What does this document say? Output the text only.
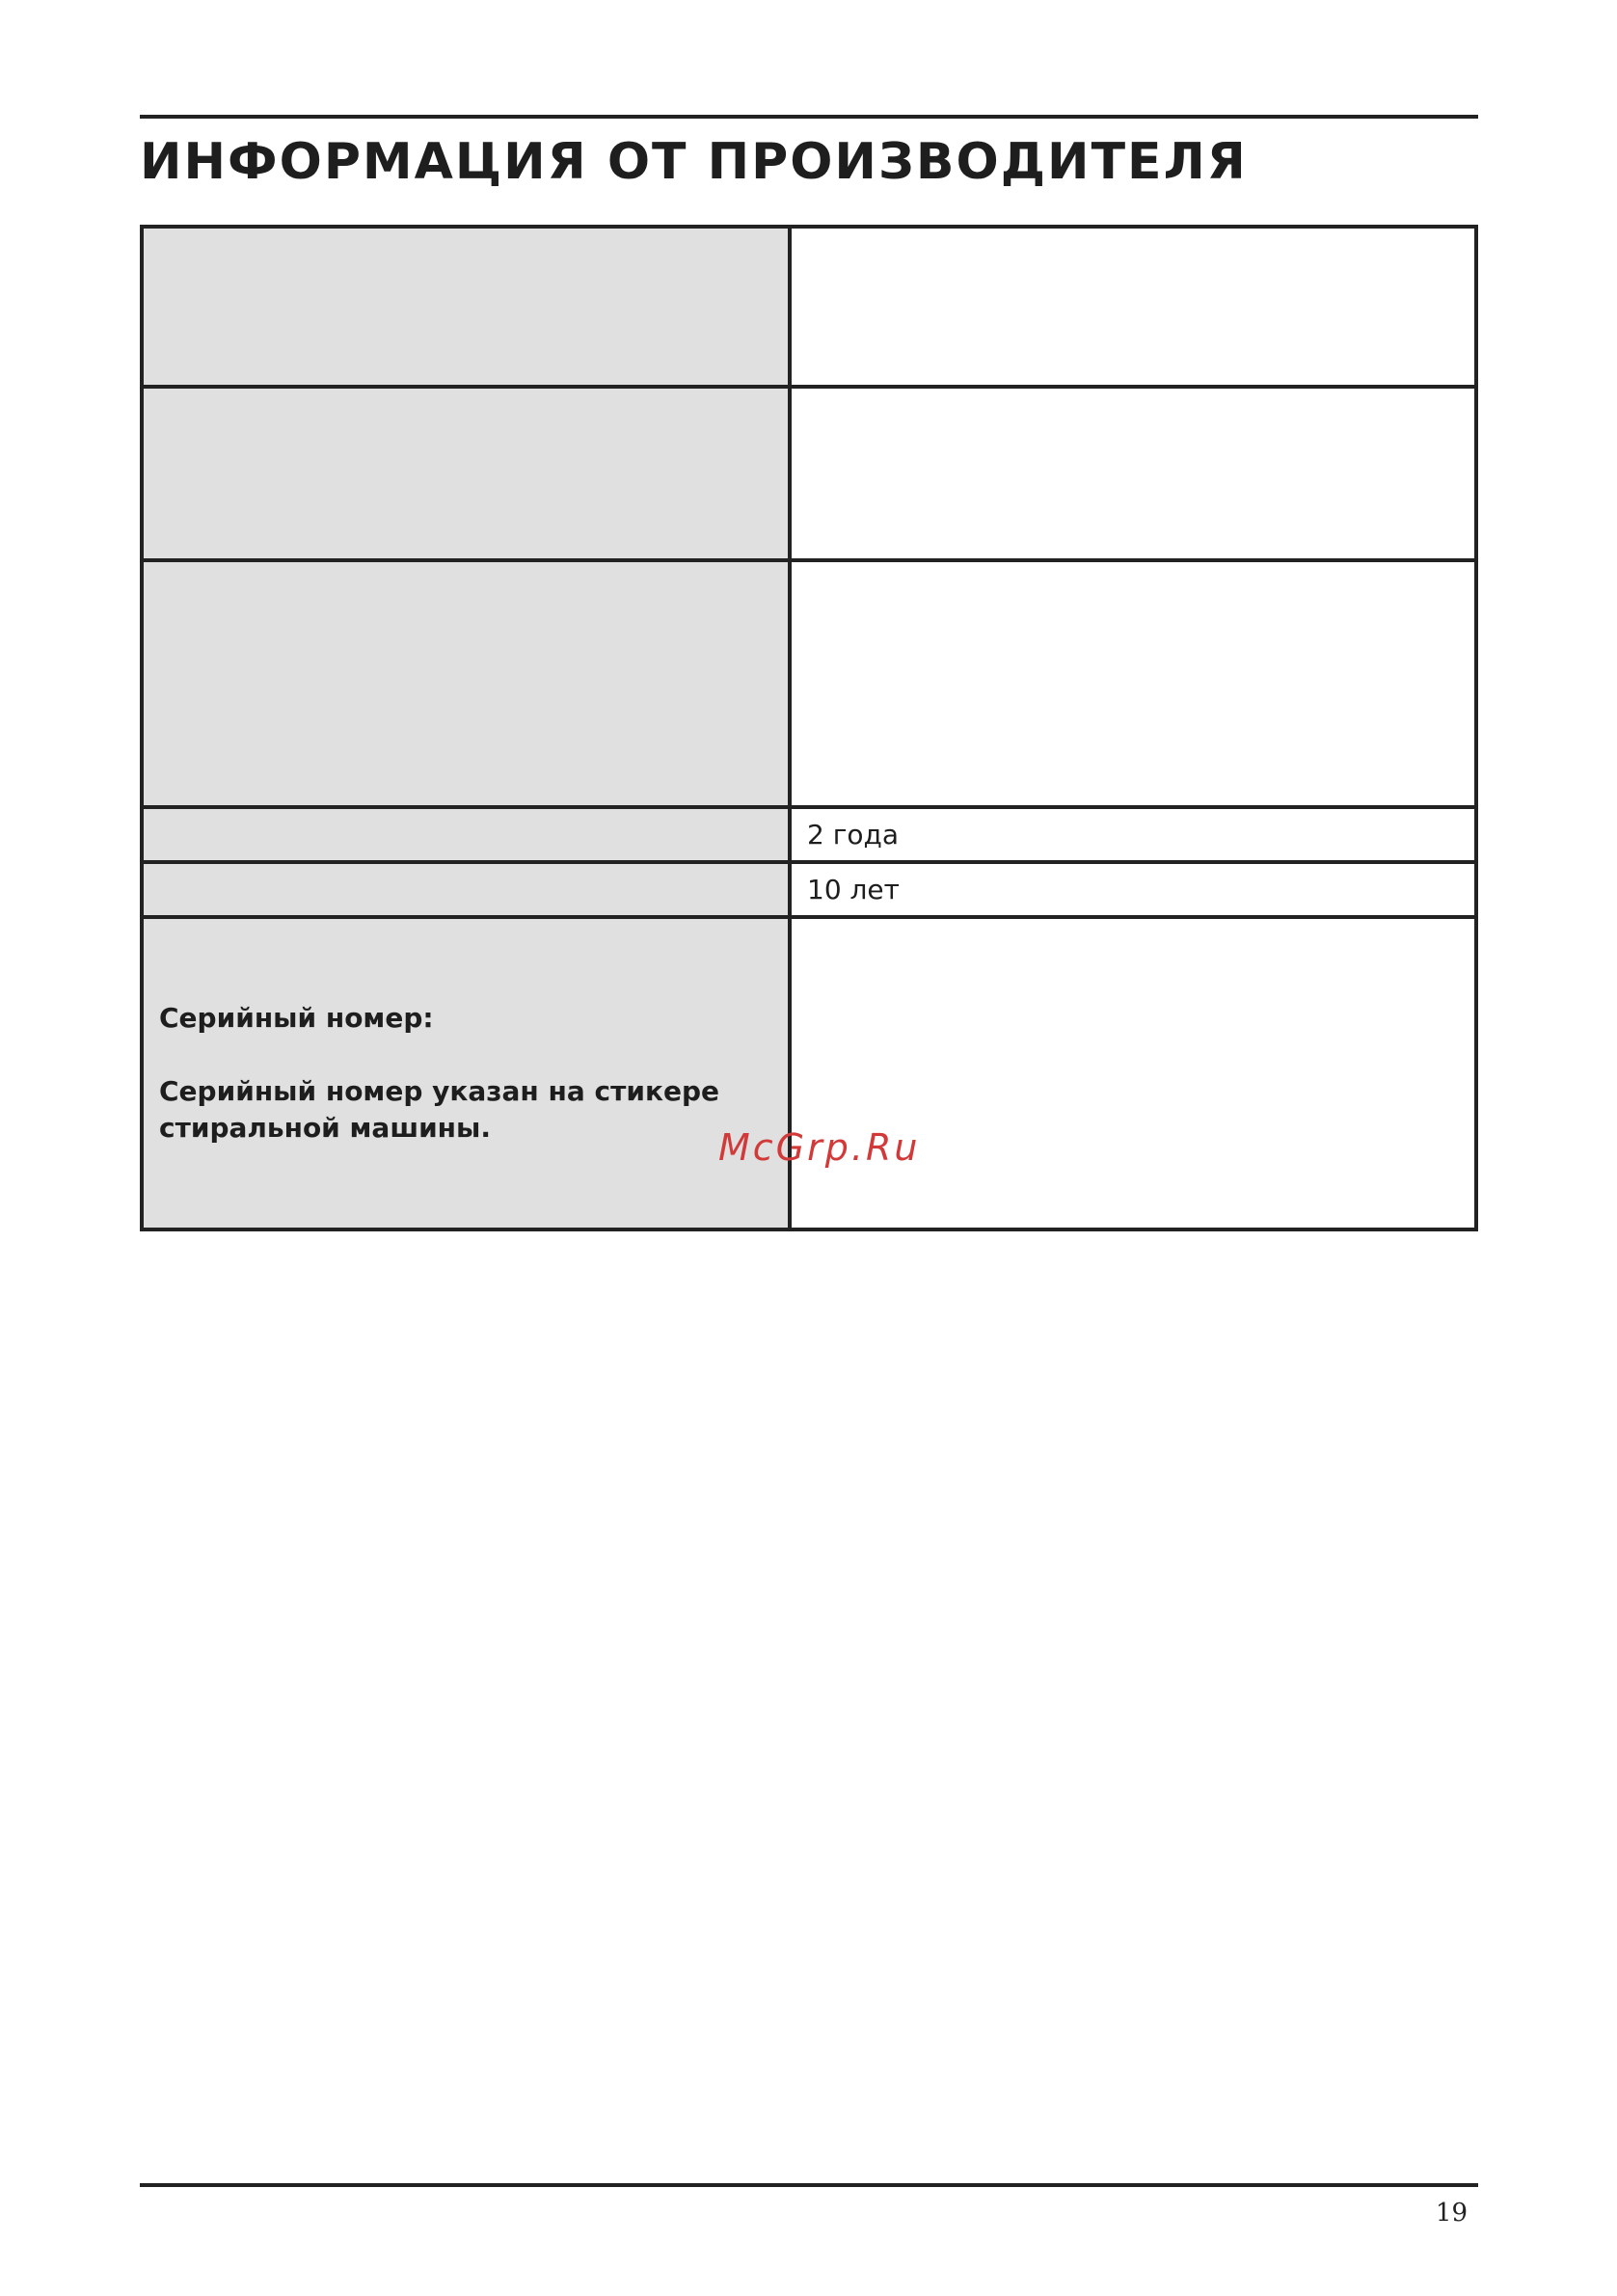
ИНФОРМАЦИЯ ОТ ПРОИЗВОДИТЕЛЯ

	2 года
	10 лет

Серийный номер:
Серийный номер указан на стикере
стиральной машины.	
		McGrp.Ru
19
